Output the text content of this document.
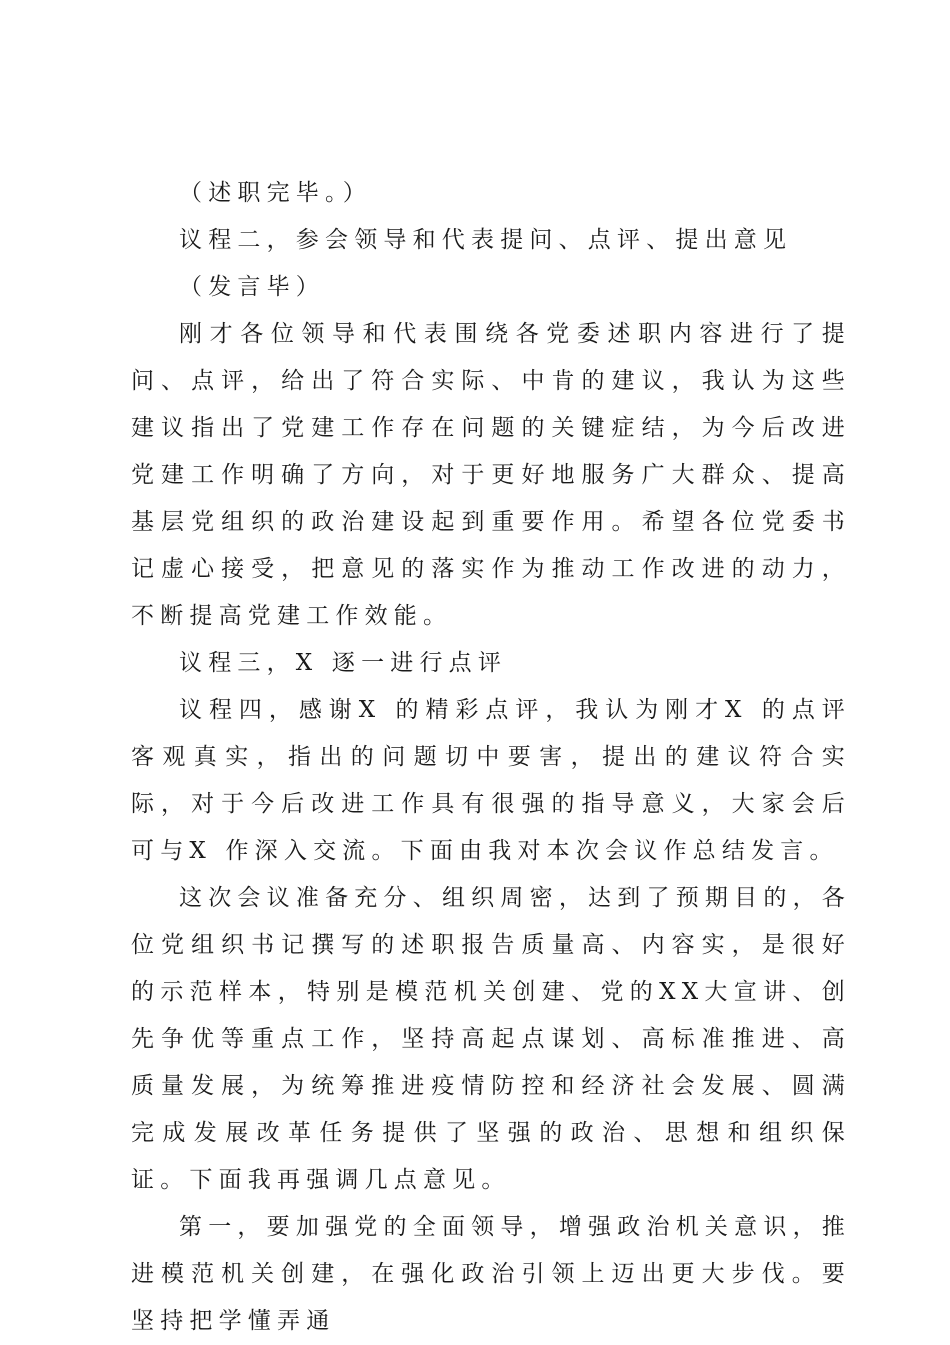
（述职完毕。）

议程二，参会领导和代表提问、点评、提出意见

（发言毕）

刚才各位领导和代表围绕各党委述职内容进行了提问、点评，给出了符合实际、中肯的建议，我认为这些建议指出了党建工作存在问题的关键症结，为今后改进党建工作明确了方向，对于更好地服务广大群众、提高基层党组织的政治建设起到重要作用。希望各位党委书记虚心接受，把意见的落实作为推动工作改进的动力，不断提高党建工作效能。

议程三，X 逐一进行点评

议程四，感谢X 的精彩点评，我认为刚才X 的点评客观真实，指出的问题切中要害，提出的建议符合实际，对于今后改进工作具有很强的指导意义，大家会后可与X 作深入交流。下面由我对本次会议作总结发言。

这次会议准备充分、组织周密，达到了预期目的，各位党组织书记撰写的述职报告质量高、内容实，是很好的示范样本，特别是模范机关创建、党的XX大宣讲、创先争优等重点工作，坚持高起点谋划、高标准推进、高质量发展，为统筹推进疫情防控和经济社会发展、圆满完成发展改革任务提供了坚强的政治、思想和组织保证。下面我再强调几点意见。

第一，要加强党的全面领导，增强政治机关意识，推进模范机关创建，在强化政治引领上迈出更大步伐。要坚持把学懂弄通
